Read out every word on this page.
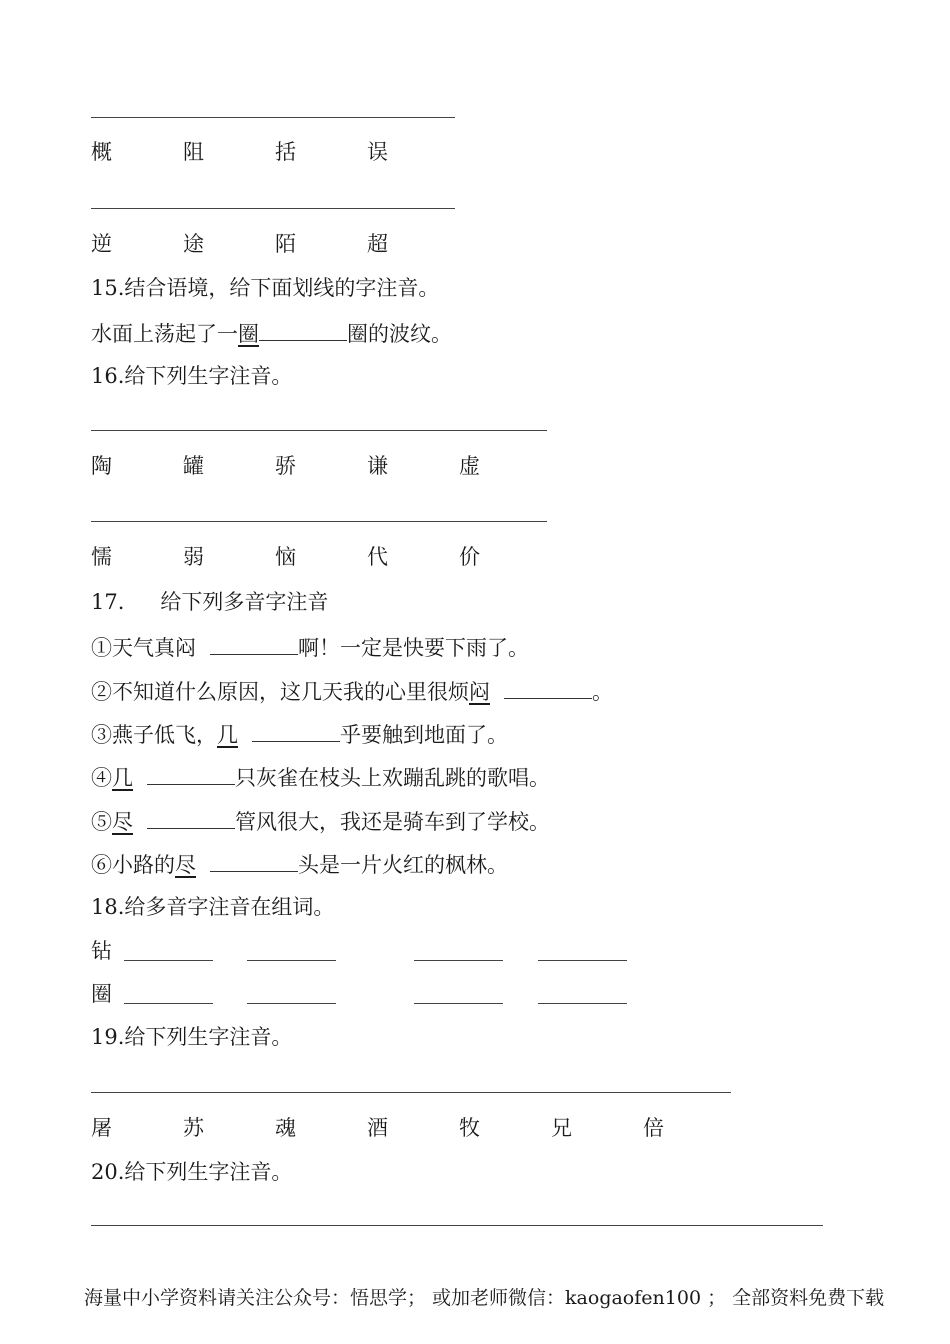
概	阻	括	误
逆	途	陌	超
15.结合语境，给下面划线的字注音。
水面上荡起了一圈	圈的波纹。
16.给下列生字注音。
陶	罐	骄	谦	虚
懦	弱	恼	代	价
17. 给下列多音字注音
①天气真闷	啊！一定是快要下雨了。
②不知道什么原因，这几天我的心里很烦闷	。
③燕子低飞，几	乎要触到地面了。
④几	只灰雀在枝头上欢蹦乱跳的歌唱。
⑤尽	管风很大，我还是骑车到了学校。
⑥小路的尽	头是一片火红的枫林。
18.给多音字注音在组词。
钻
圈
19.给下列生字注音。
屠	苏	魂	酒	牧	兄	倍
20.给下列生字注音。
海量中小学资料请关注公众号：悟思学； 或加老师微信：kaogaofen100 ； 全部资料免费下载
